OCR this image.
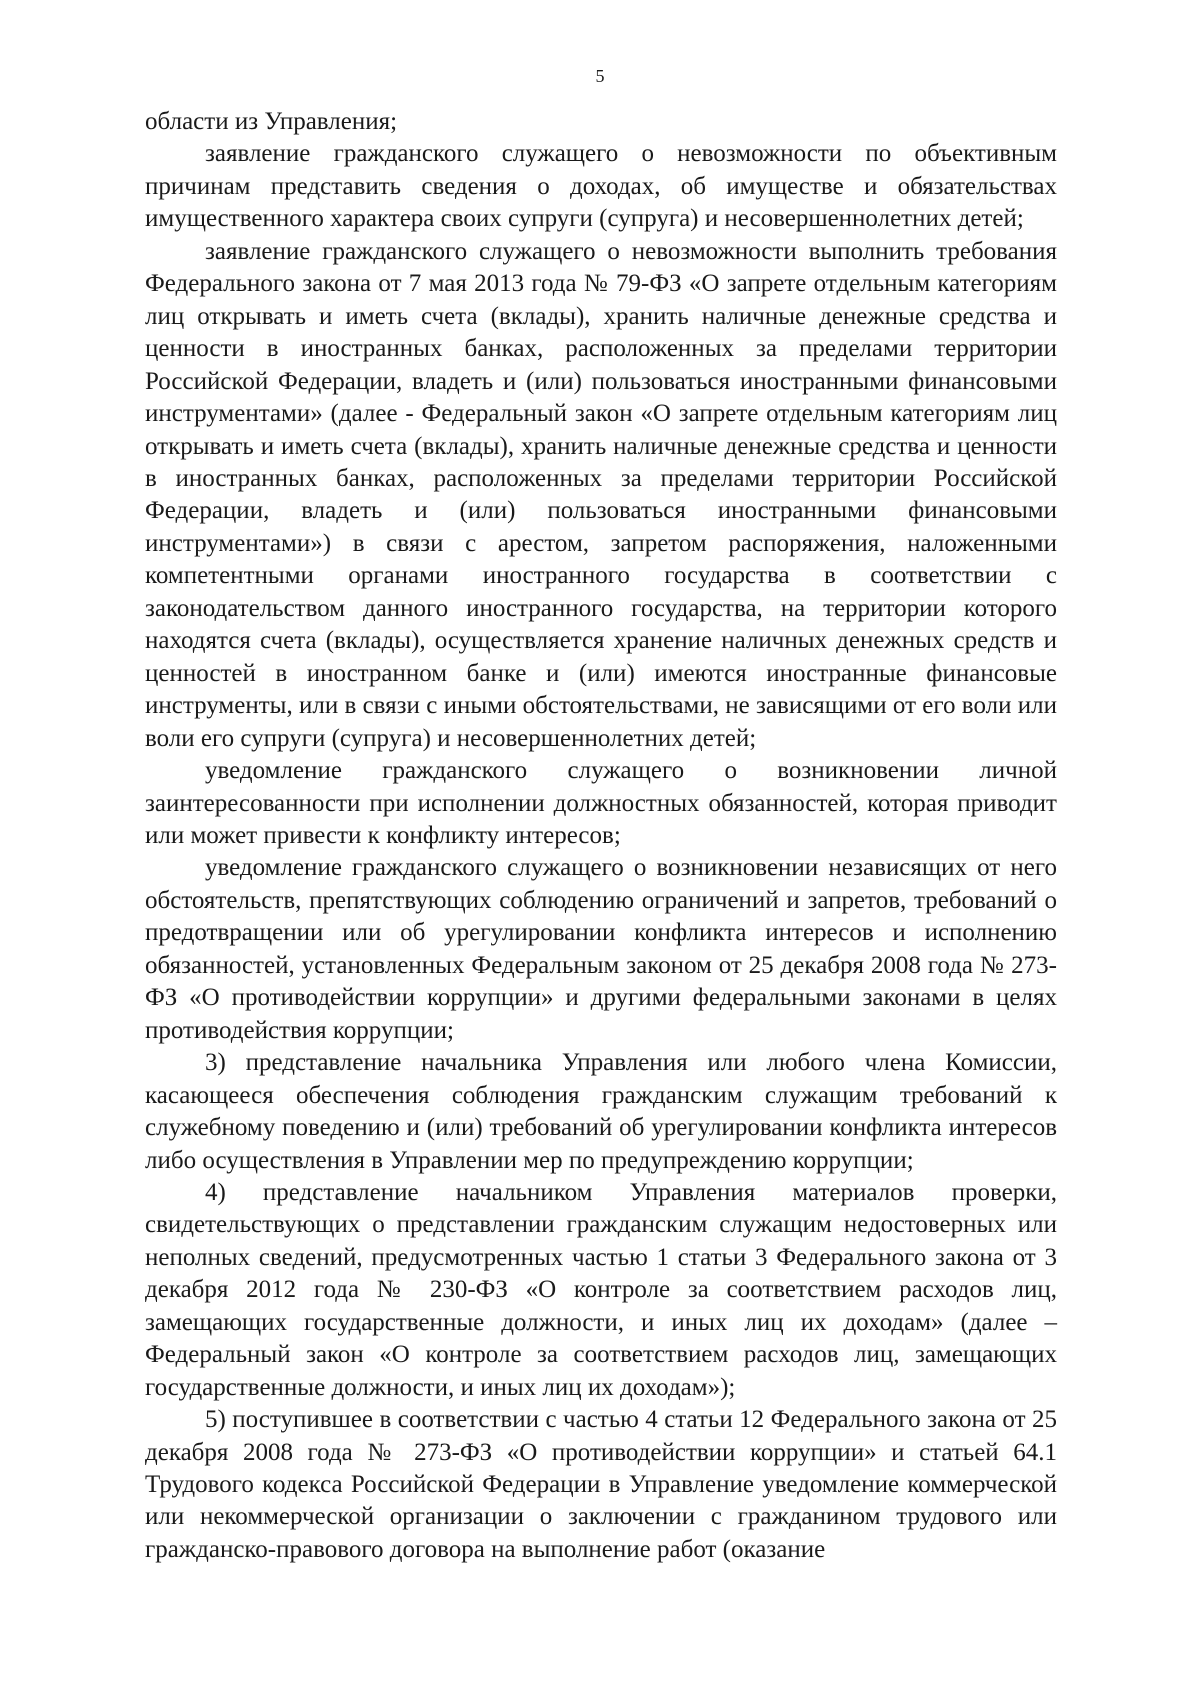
5

области из Управления;

заявление гражданского служащего о невозможности по объективным причинам представить сведения о доходах, об имуществе и обязательствах имущественного характера своих супруги (супруга) и несовершеннолетних детей;

заявление гражданского служащего о невозможности выполнить требования Федерального закона от 7 мая 2013 года № 79-ФЗ «О запрете отдельным категориям лиц открывать и иметь счета (вклады), хранить наличные денежные средства и ценности в иностранных банках, расположенных за пределами территории Российской Федерации, владеть и (или) пользоваться иностранными финансовыми инструментами» (далее - Федеральный закон «О запрете отдельным категориям лиц открывать и иметь счета (вклады), хранить наличные денежные средства и ценности в иностранных банках, расположенных за пределами территории Российской Федерации, владеть и (или) пользоваться иностранными финансовыми инструментами») в связи с арестом, запретом распоряжения, наложенными компетентными органами иностранного государства в соответствии с законодательством данного иностранного государства, на территории которого находятся счета (вклады), осуществляется хранение наличных денежных средств и ценностей в иностранном банке и (или) имеются иностранные финансовые инструменты, или в связи с иными обстоятельствами, не зависящими от его воли или воли его супруги (супруга) и несовершеннолетних детей;

уведомление гражданского служащего о возникновении личной заинтересованности при исполнении должностных обязанностей, которая приводит или может привести к конфликту интересов;

уведомление гражданского служащего о возникновении независящих от него обстоятельств, препятствующих соблюдению ограничений и запретов, требований о предотвращении или об урегулировании конфликта интересов и исполнению обязанностей, установленных Федеральным законом от 25 декабря 2008 года № 273-ФЗ «О противодействии коррупции» и другими федеральными законами в целях противодействия коррупции;

3) представление начальника Управления или любого члена Комиссии, касающееся обеспечения соблюдения гражданским служащим требований к служебному поведению и (или) требований об урегулировании конфликта интересов либо осуществления в Управлении мер по предупреждению коррупции;

4) представление начальником Управления материалов проверки, свидетельствующих о представлении гражданским служащим недостоверных или неполных сведений, предусмотренных частью 1 статьи 3 Федерального закона от 3 декабря 2012 года № 230-ФЗ «О контроле за соответствием расходов лиц, замещающих государственные должности, и иных лиц их доходам» (далее – Федеральный закон «О контроле за соответствием расходов лиц, замещающих государственные должности, и иных лиц их доходам»);

5) поступившее в соответствии с частью 4 статьи 12 Федерального закона от 25 декабря 2008 года № 273-ФЗ «О противодействии коррупции» и статьей 64.1 Трудового кодекса Российской Федерации в Управление уведомление коммерческой или некоммерческой организации о заключении с гражданином трудового или гражданско-правового договора на выполнение работ (оказание
